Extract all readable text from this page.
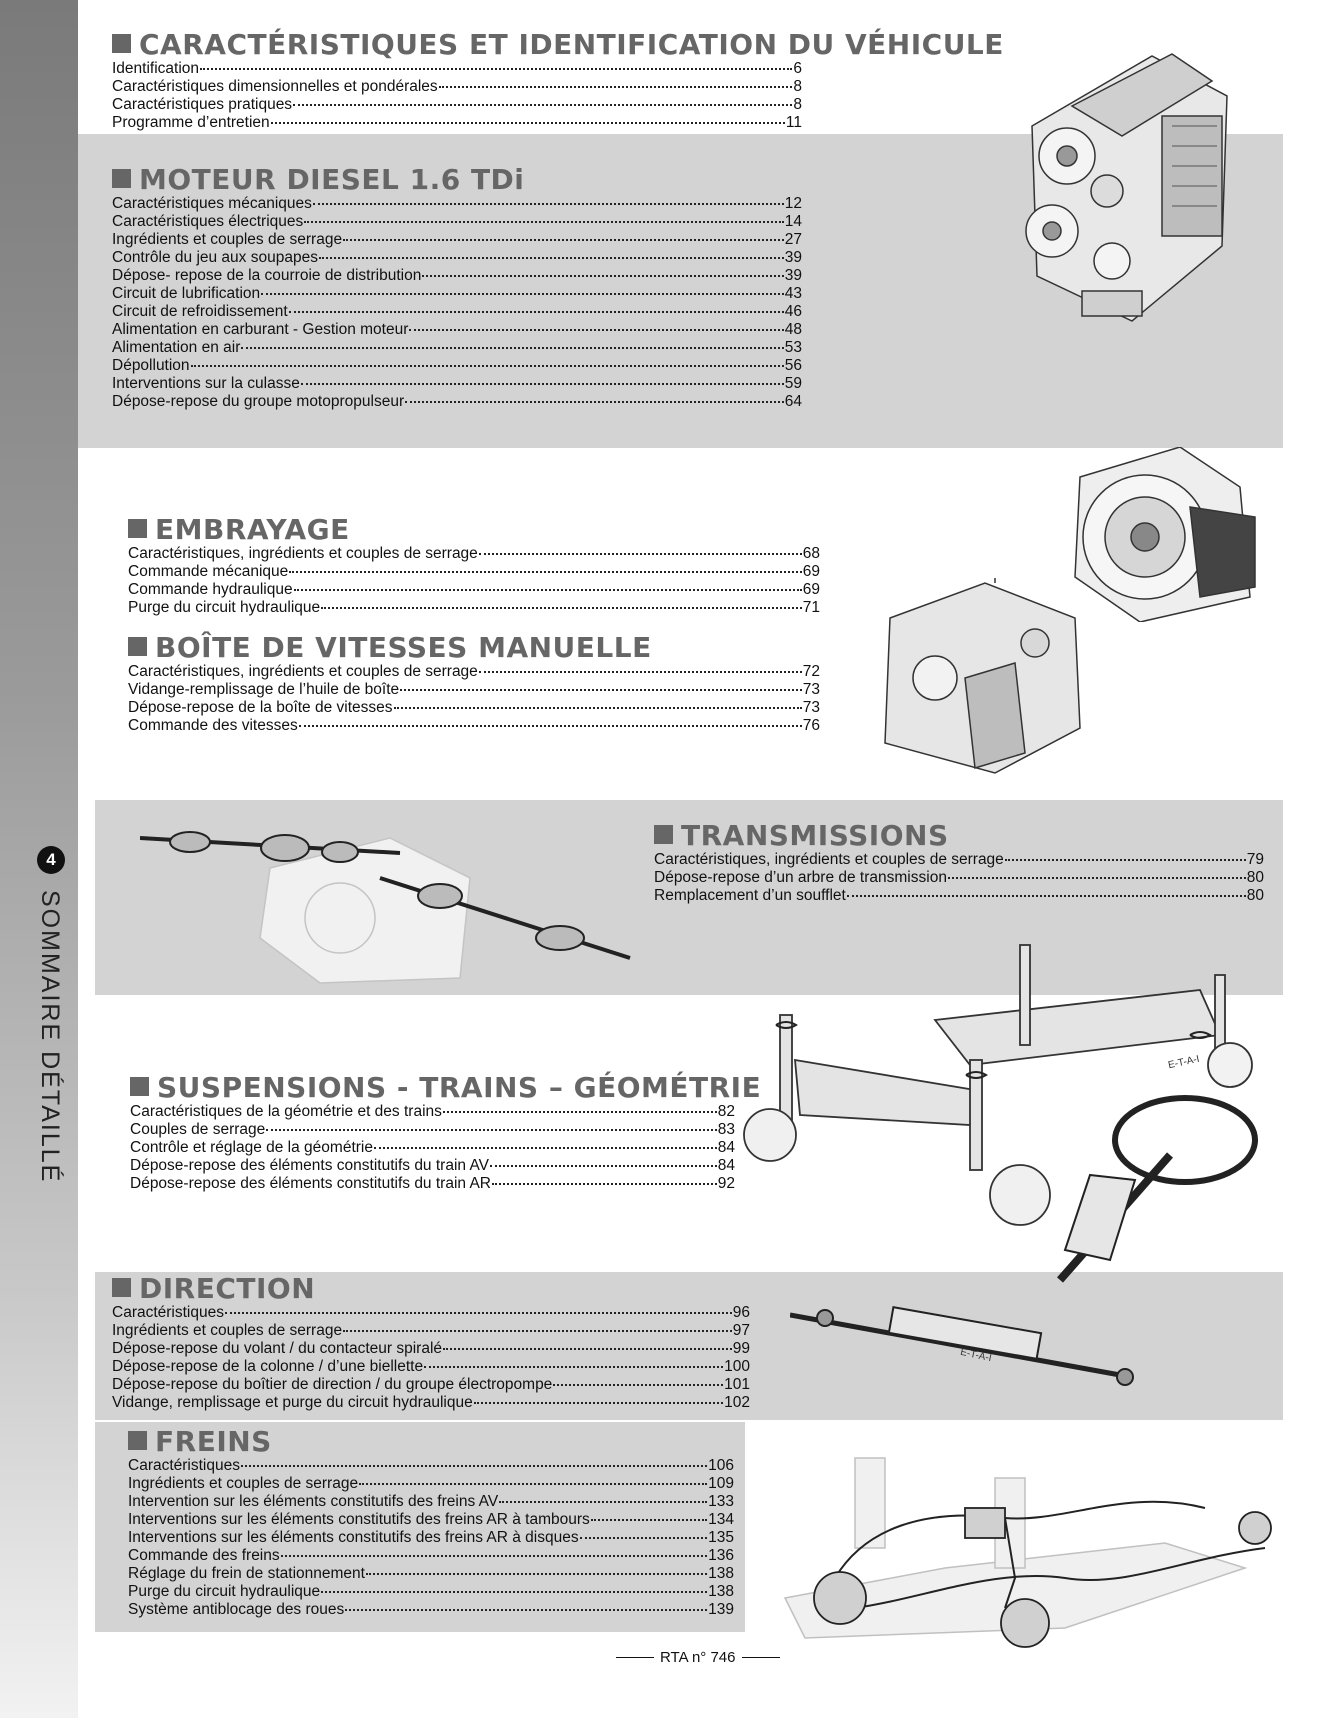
4
SOMMAIRE DÉTAILLÉ
CARACTÉRISTIQUES ET IDENTIFICATION DU VÉHICULE
Identification	6
Caractéristiques dimensionnelles et pondérales	8
Caractéristiques pratiques	8
Programme d’entretien	11
MOTEUR DIESEL 1.6 TDi
Caractéristiques mécaniques	12
Caractéristiques électriques	14
Ingrédients et couples de serrage	27
Contrôle du jeu aux soupapes	39
Dépose- repose de la courroie de distribution	39
Circuit de lubrification	43
Circuit de refroidissement	46
Alimentation en carburant - Gestion moteur	48
Alimentation en air	53
Dépollution	56
Interventions sur la culasse	59
Dépose-repose du groupe motopropulseur	64
EMBRAYAGE
Caractéristiques, ingrédients et couples de serrage	68
Commande mécanique	69
Commande hydraulique	69
Purge du circuit hydraulique	71
BOÎTE DE VITESSES MANUELLE
Caractéristiques, ingrédients et couples de serrage	72
Vidange-remplissage de l’huile de boîte	73
Dépose-repose de la boîte de vitesses	73
Commande des vitesses	76
TRANSMISSIONS
Caractéristiques, ingrédients et couples de serrage	79
Dépose-repose d’un arbre de transmission	80
Remplacement d’un soufflet	80
SUSPENSIONS - TRAINS – GÉOMÉTRIE
Caractéristiques de la géométrie et des trains	82
Couples de serrage	83
Contrôle et réglage de la géométrie	84
Dépose-repose des éléments constitutifs du train AV	84
Dépose-repose des éléments constitutifs du train AR	92
DIRECTION
Caractéristiques	96
Ingrédients et couples de serrage	97
Dépose-repose du volant / du contacteur spiralé	99
Dépose-repose de la colonne / d’une biellette	100
Dépose-repose du boîtier de direction / du groupe électropompe	101
Vidange, remplissage et purge du circuit hydraulique	102
FREINS
Caractéristiques	106
Ingrédients et couples de serrage	109
Intervention sur les éléments constitutifs des freins AV	133
Interventions sur les éléments constitutifs des freins AR à tambours	134
Interventions sur les éléments constitutifs des freins AR à disques	135
Commande des freins	136
Réglage du frein de stationnement	138
Purge du circuit hydraulique	138
Système antiblocage des roues	139
E-T-A-I
E-T-A-I
RTA n° 746
